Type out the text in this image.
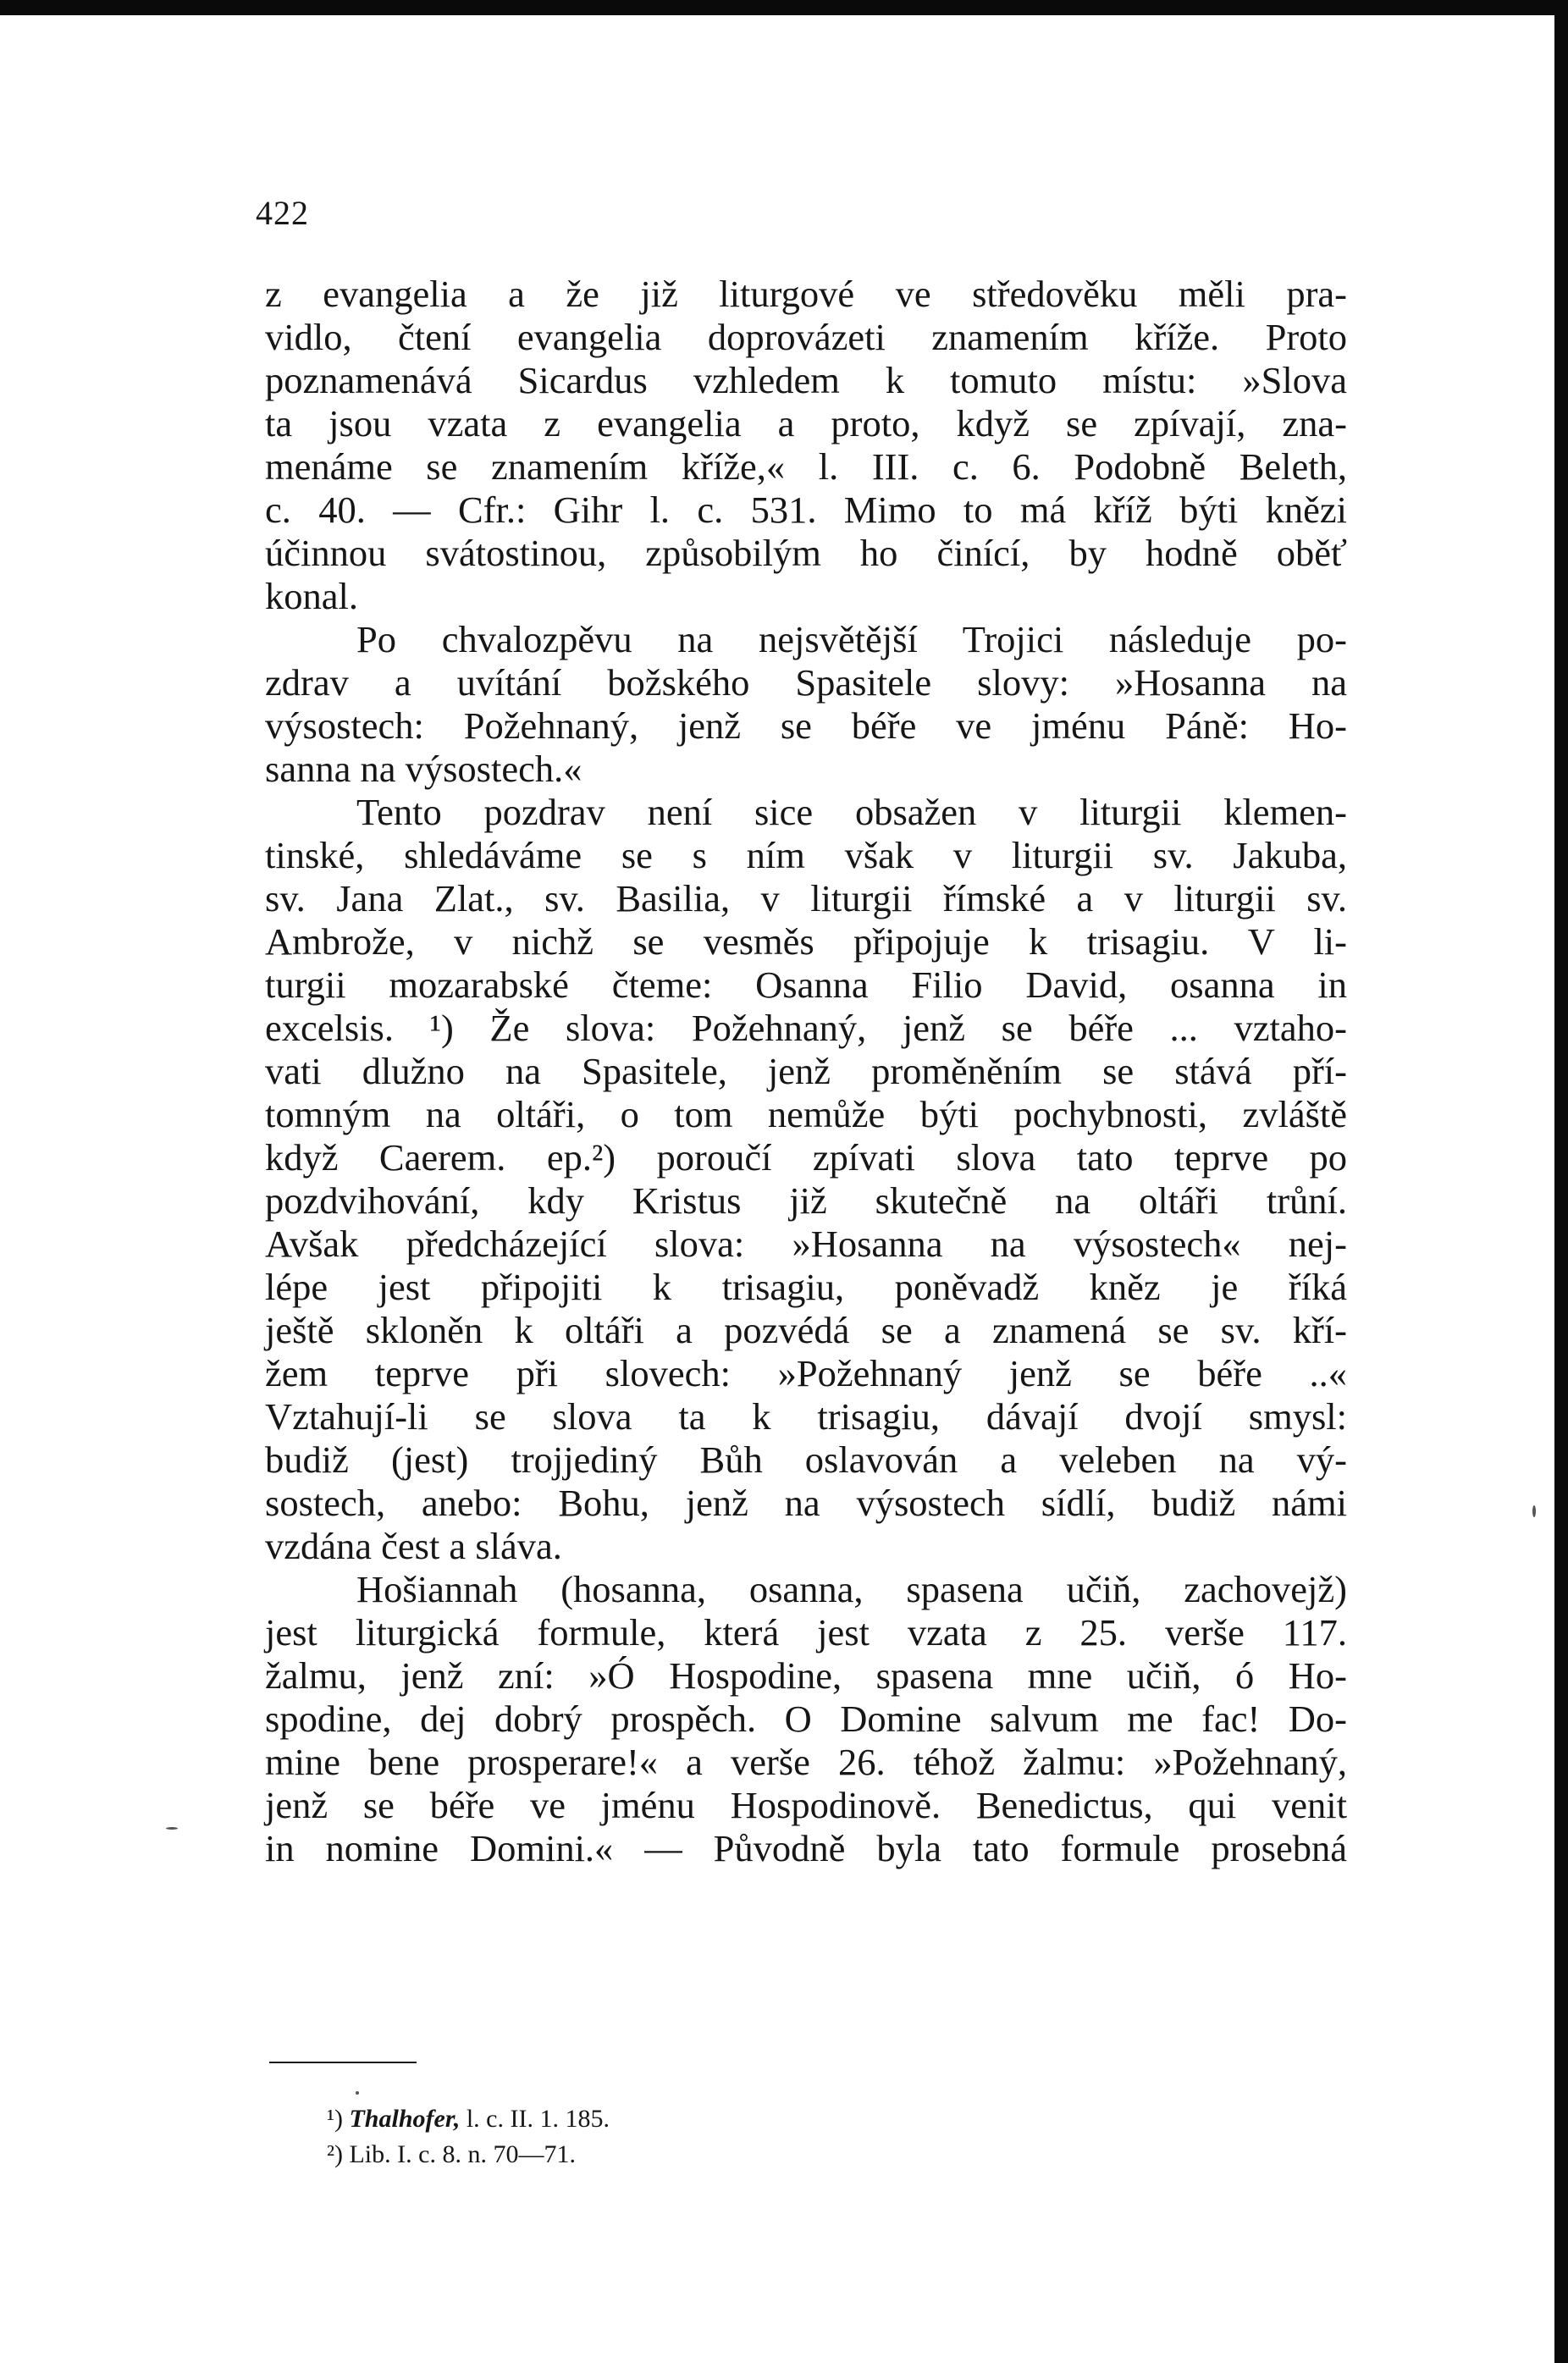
422
z evangelia a že již liturgové ve středověku měli pra-
vidlo, čtení evangelia doprovázeti znamením kříže. Proto
poznamenává Sicardus vzhledem k tomuto místu: »Slova
ta jsou vzata z evangelia a proto, když se zpívají, zna-
menáme se znamením kříže,« l. III. c. 6. Podobně Beleth,
c. 40. — Cfr.: Gihr l. c. 531. Mimo to má kříž býti knězi
účinnou svátostinou, způsobilým ho činící, by hodně oběť
konal.
Po chvalozpěvu na nejsvětější Trojici následuje po-
zdrav a uvítání božského Spasitele slovy: »Hosanna na
výsostech: Požehnaný, jenž se béře ve jménu Páně: Ho-
sanna na výsostech.«
Tento pozdrav není sice obsažen v liturgii klemen-
tinské, shledáváme se s ním však v liturgii sv. Jakuba,
sv. Jana Zlat., sv. Basilia, v liturgii římské a v liturgii sv.
Ambrože, v nichž se vesměs připojuje k trisagiu. V li-
turgii mozarabské čteme: Osanna Filio David, osanna in
excelsis. ¹) Že slova: Požehnaný, jenž se béře ... vztaho-
vati dlužno na Spasitele, jenž proměněním se stává pří-
tomným na oltáři, o tom nemůže býti pochybnosti, zvláště
když Caerem. ep.²) poroučí zpívati slova tato teprve po
pozdvihování, kdy Kristus již skutečně na oltáři trůní.
Avšak předcházející slova: »Hosanna na výsostech« nej-
lépe jest připojiti k trisagiu, poněvadž kněz je říká
ještě skloněn k oltáři a pozvédá se a znamená se sv. kří-
žem teprve při slovech: »Požehnaný jenž se béře ..«
Vztahují-li se slova ta k trisagiu, dávají dvojí smysl:
budiž (jest) trojjediný Bůh oslavován a veleben na vý-
sostech, anebo: Bohu, jenž na výsostech sídlí, budiž námi
vzdána čest a sláva.
Hošiannah (hosanna, osanna, spasena učiň, zachovejž)
jest liturgická formule, která jest vzata z 25. verše 117.
žalmu, jenž zní: »Ó Hospodine, spasena mne učiň, ó Ho-
spodine, dej dobrý prospěch. O Domine salvum me fac! Do-
mine bene prosperare!« a verše 26. téhož žalmu: »Požehnaný,
jenž se béře ve jménu Hospodinově. Benedictus, qui venit
in nomine Domini.« — Původně byla tato formule prosebná
¹) Thalhofer, l. c. II. 1. 185.
²) Lib. I. c. 8. n. 70—71.
